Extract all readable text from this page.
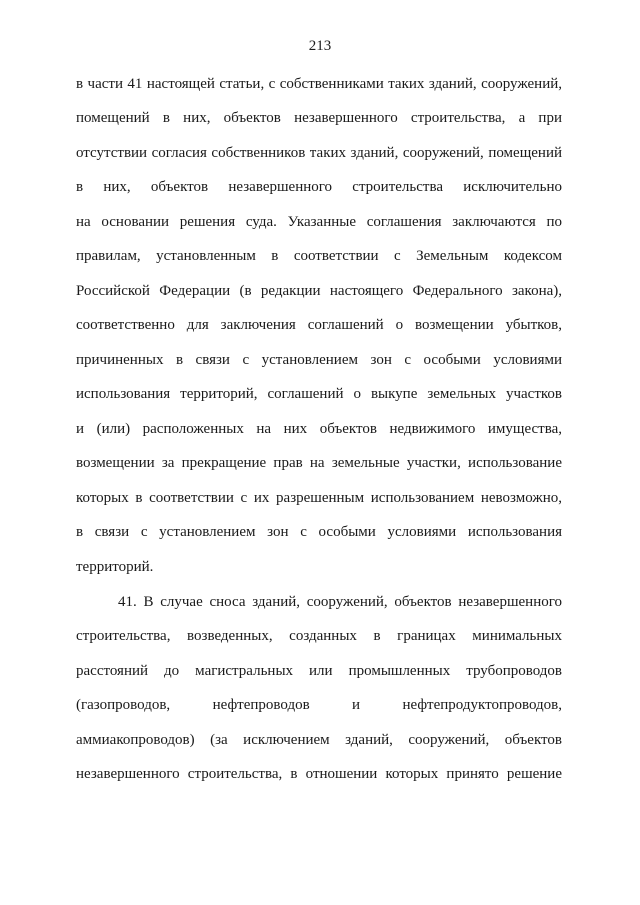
213
в части 41 настоящей статьи, с собственниками таких зданий, сооружений,
помещений в них, объектов незавершенного строительства, а при
отсутствии согласия собственников таких зданий, сооружений, помещений
в них, объектов незавершенного строительства исключительно
на основании решения суда. Указанные соглашения заключаются по
правилам, установленным в соответствии с Земельным кодексом
Российской Федерации (в редакции настоящего Федерального закона),
соответственно для заключения соглашений о возмещении убытков,
причиненных в связи с установлением зон с особыми условиями
использования территорий, соглашений о выкупе земельных участков
и (или) расположенных на них объектов недвижимого имущества,
возмещении за прекращение прав на земельные участки, использование
которых в соответствии с их разрешенным использованием невозможно,
в связи с установлением зон с особыми условиями использования
территорий.
41. В случае сноса зданий, сооружений, объектов незавершенного
строительства, возведенных, созданных в границах минимальных
расстояний до магистральных или промышленных трубопроводов
(газопроводов, нефтепроводов и нефтепродуктопроводов,
аммиакопроводов) (за исключением зданий, сооружений, объектов
незавершенного строительства, в отношении которых принято решение
